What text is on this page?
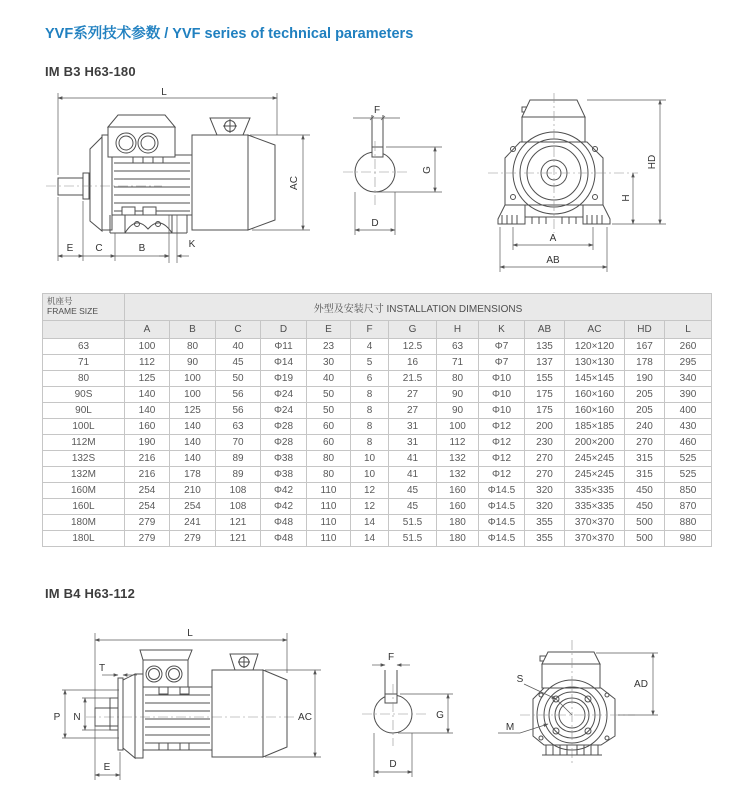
YVF系列技术参数 / YVF series of technical parameters
IM B3 H63-180
L
AC
E C	B	K
F
G
D
HD
H
A
AB
机座号
FRAME SIZE	外型及安装尺寸 INSTALLATION DIMENSIONS												
	A	B	C	D	E	F	G	H	K	AB	AC	HD	L
63	100	80	40	Φ11	23	4	12.5	63	Φ7	135	120×120	167	260
71	112	90	45	Φ14	30	5	16	71	Φ7	137	130×130	178	295
80	125	100	50	Φ19	40	6	21.5	80	Φ10	155	145×145	190	340
90S	140	100	56	Φ24	50	8	27	90	Φ10	175	160×160	205	390
90L	140	125	56	Φ24	50	8	27	90	Φ10	175	160×160	205	400
100L	160	140	63	Φ28	60	8	31	100	Φ12	200	185×185	240	430
112M	190	140	70	Φ28	60	8	31	112	Φ12	230	200×200	270	460
132S	216	140	89	Φ38	80	10	41	132	Φ12	270	245×245	315	525
132M	216	178	89	Φ38	80	10	41	132	Φ12	270	245×245	315	525
160M	254	210	108	Φ42	110	12	45	160	Φ14.5	320	335×335	450	850
160L	254	254	108	Φ42	110	12	45	160	Φ14.5	320	335×335	450	870
180M	279	241	121	Φ48	110	14	51.5	180	Φ14.5	355	370×370	500	880
180L	279	279	121	Φ48	110	14	51.5	180	Φ14.5	355	370×370	500	980
IM B4 H63-112
L
T
P N	AC
E
F
G
D
S
M
AD
